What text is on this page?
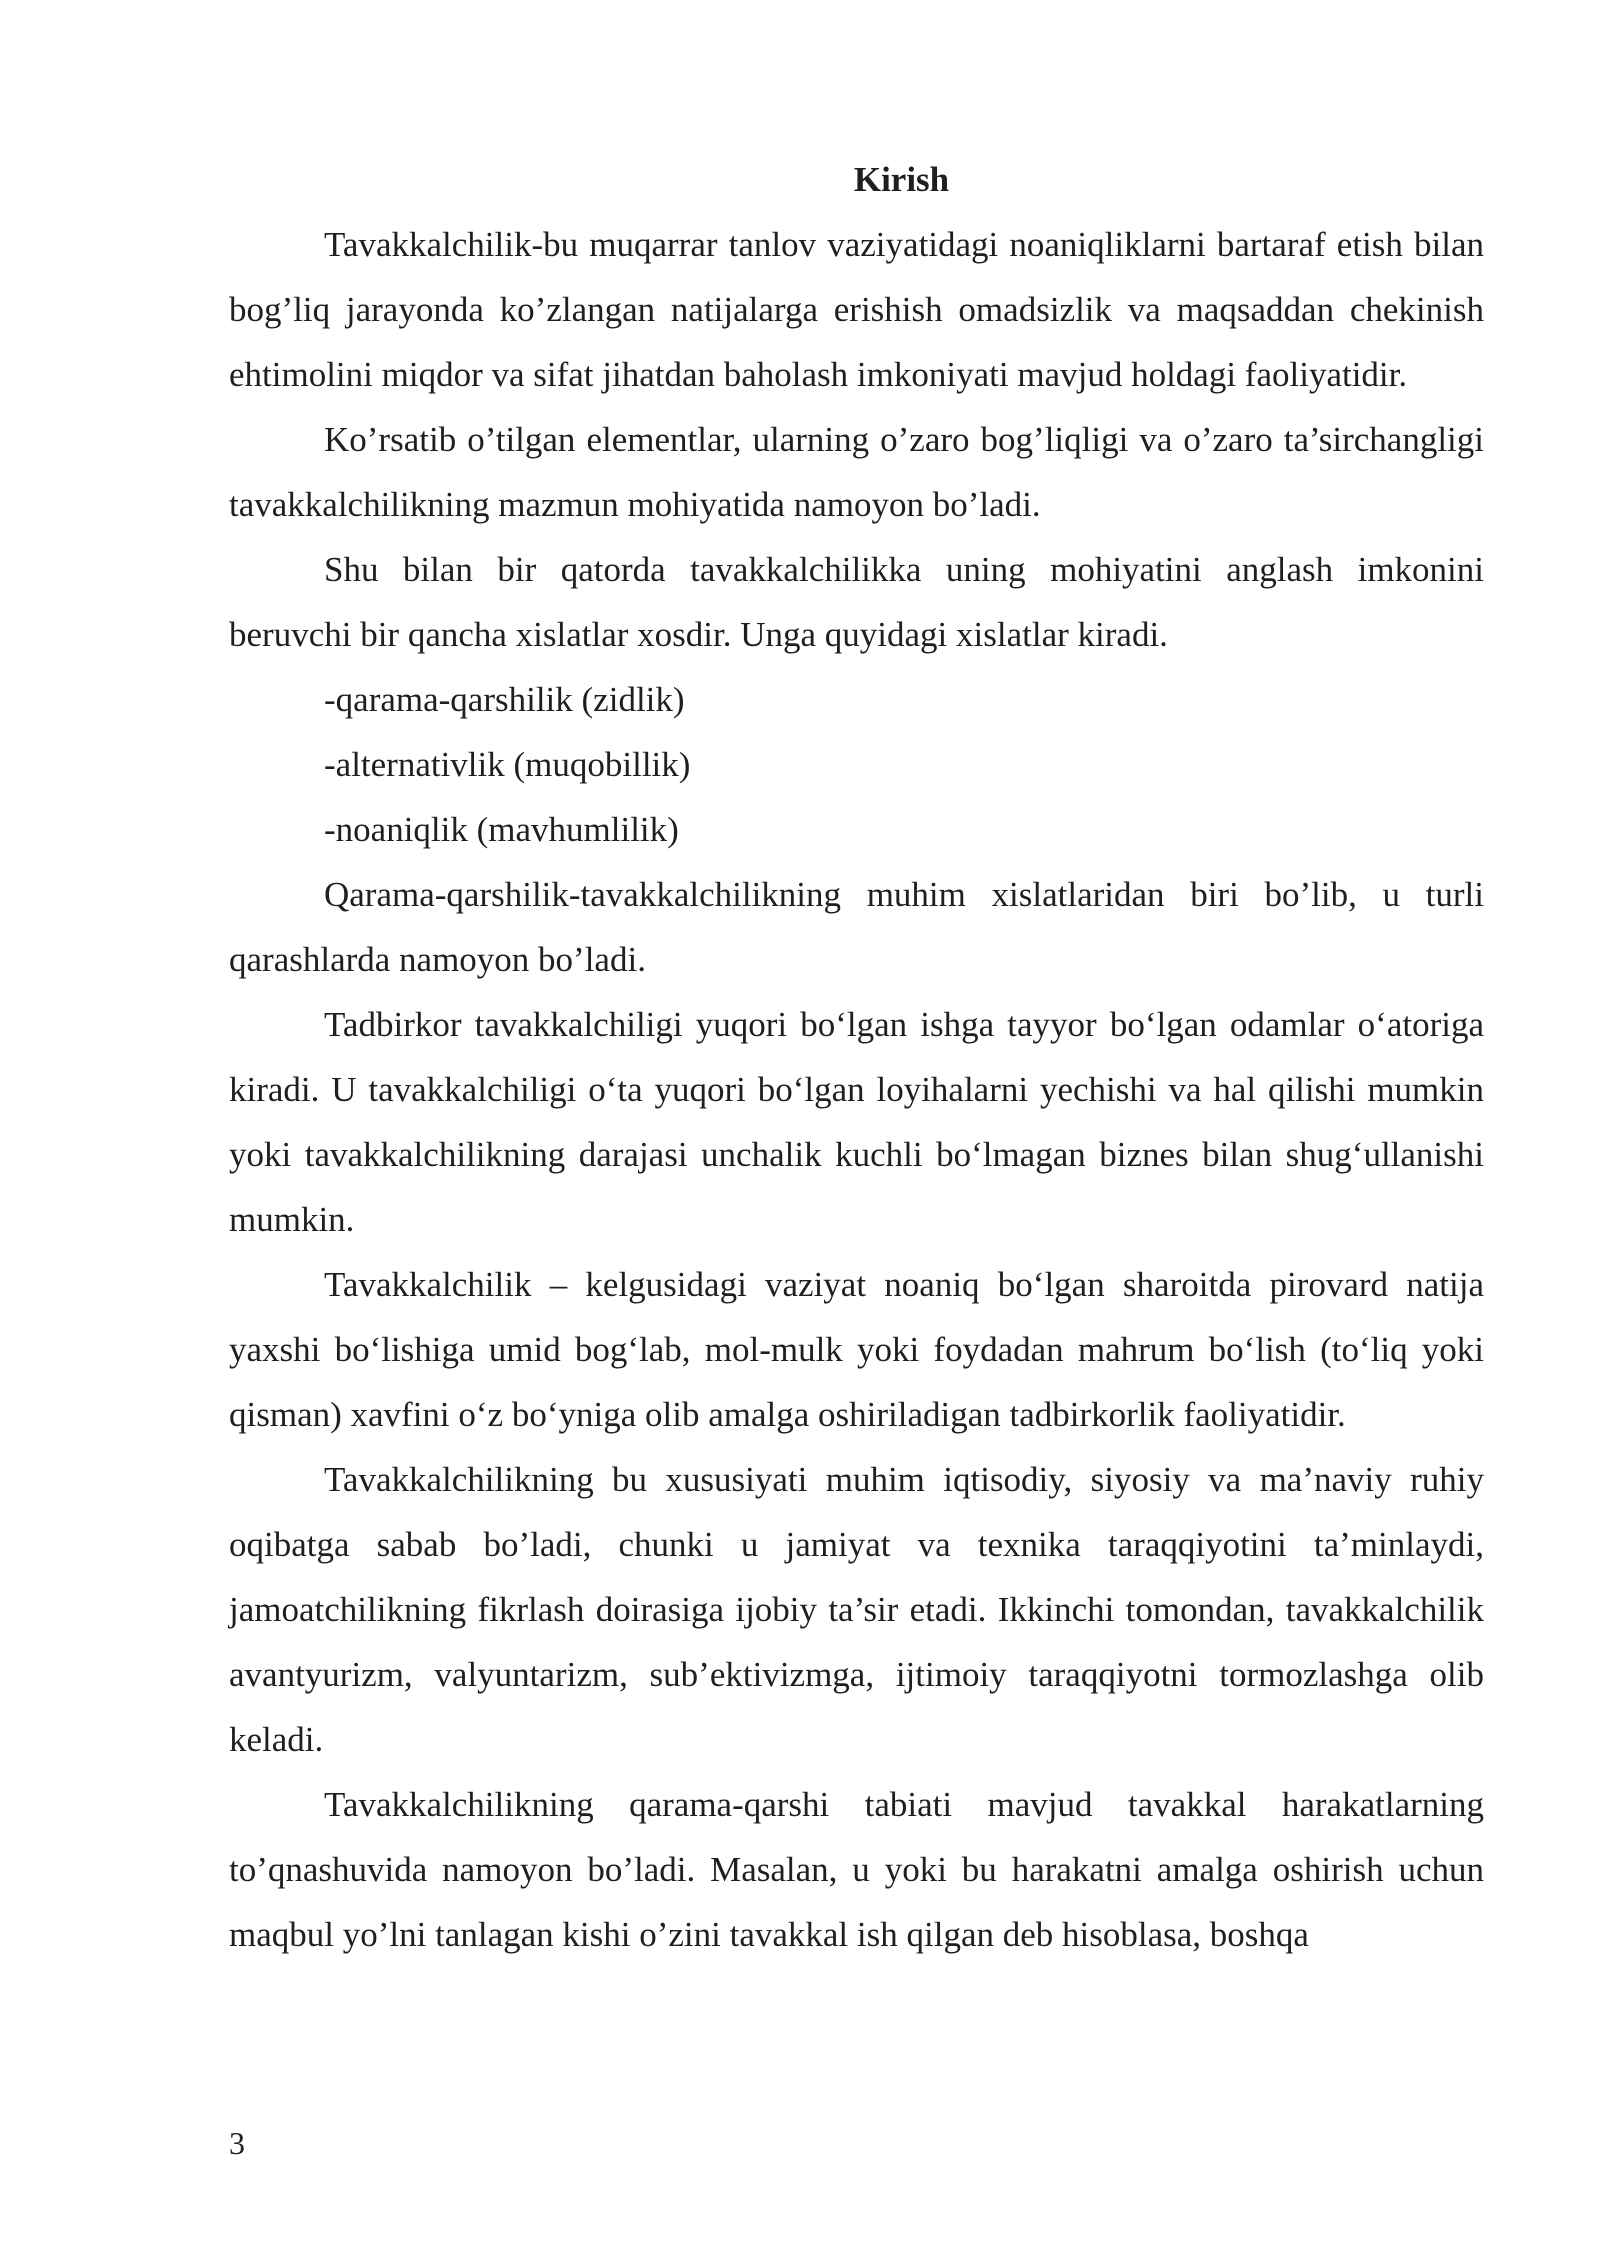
Kirish

Tavakkalchilik-bu muqarrar tanlov vaziyatidagi noaniqliklarni bartaraf etish bilan bog’liq jarayonda ko’zlangan natijalarga erishish omadsizlik va maqsaddan chekinish ehtimolini miqdor va sifat jihatdan baholash imkoniyati mavjud holdagi faoliyatidir.

Ko’rsatib o’tilgan elementlar, ularning o’zaro bog’liqligi va o’zaro ta’sirchangligi tavakkalchilikning mazmun mohiyatida namoyon bo’ladi.

Shu bilan bir qatorda tavakkalchilikka uning mohiyatini anglash imkonini beruvchi bir qancha xislatlar xosdir. Unga quyidagi xislatlar kiradi.

-qarama-qarshilik (zidlik)

-alternativlik (muqobillik)

-noaniqlik (mavhumlilik)

Qarama-qarshilik-tavakkalchilikning muhim xislatlaridan biri bo’lib, u turli qarashlarda namoyon bo’ladi.

Tadbirkor tavakkalchiligi yuqori bo‘lgan ishga tayyor bo‘lgan odamlar o‘atoriga kiradi. U tavakkalchiligi o‘ta yuqori bo‘lgan loyihalarni yechishi va hal qilishi mumkin yoki tavakkalchilikning darajasi unchalik kuchli bo‘lmagan biznes bilan shug‘ullanishi mumkin.

Tavakkalchilik – kelgusidagi vaziyat noaniq bo‘lgan sharoitda pirovard natija yaxshi bo‘lishiga umid bog‘lab, mol-mulk yoki foydadan mahrum bo‘lish (to‘liq yoki qisman) xavfini o‘z bo‘yniga olib amalga oshiriladigan tadbirkorlik faoliyatidir.

Tavakkalchilikning bu xususiyati muhim iqtisodiy, siyosiy va ma’naviy ruhiy oqibatga sabab bo’ladi, chunki u jamiyat va texnika taraqqiyotini ta’minlaydi, jamoatchilikning fikrlash doirasiga ijobiy ta’sir etadi. Ikkinchi tomondan, tavakkalchilik avantyurizm, valyuntarizm, sub’ektivizmga, ijtimoiy taraqqiyotni tormozlashga olib keladi.

Tavakkalchilikning qarama-qarshi tabiati mavjud tavakkal harakatlarning to’qnashuvida namoyon bo’ladi. Masalan, u yoki bu harakatni amalga oshirish uchun maqbul yo’lni tanlagan kishi o’zini tavakkal ish qilgan deb hisoblasa, boshqa

3
